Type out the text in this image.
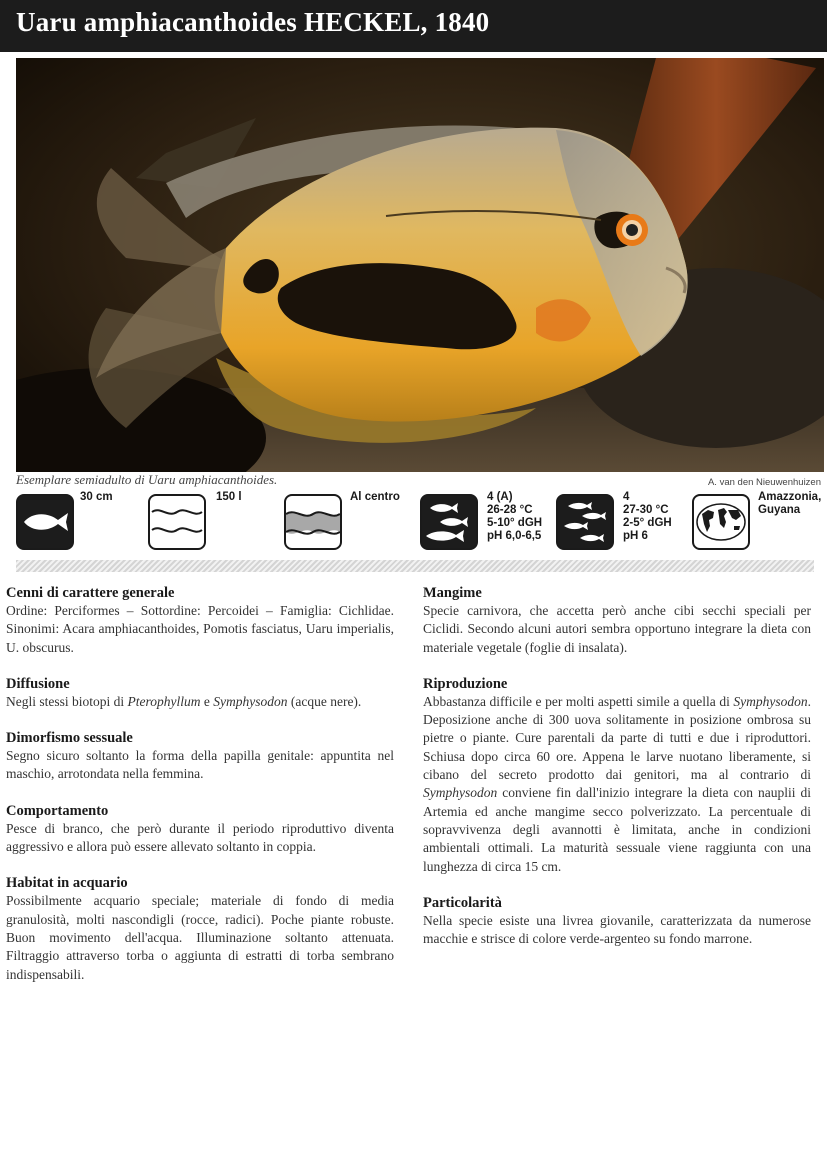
Uaru amphiacanthoides HECKEL, 1840
Esemplare semiadulto di Uaru amphiacanthoides.	A. van den Nieuwenhuizen
30 cm	150 l	Al centro	4 (A)
26-28 °C
5-10° dGH
pH 6,0-6,5
4
27-30 °C
2-5° dGH
pH 6
Amazzonia,
Guyana
Cenni di carattere generale

Ordine: Perciformes – Sottordine: Percoidei – Famiglia: Cichlidae. Sinonimi: Acara amphiacanthoides, Pomotis fasciatus, Uaru imperialis, U. obscurus.

Diffusione

Negli stessi biotopi di Pterophyllum e Symphysodon (acque nere).

Dimorfismo sessuale

Segno sicuro soltanto la forma della papilla genitale: appuntita nel maschio, arrotondata nella femmina.

Comportamento

Pesce di branco, che però durante il periodo riproduttivo diventa aggressivo e allora può essere allevato soltanto in coppia.

Habitat in acquario

Possibilmente acquario speciale; materiale di fondo di media granulosità, molti nascondigli (rocce, radici). Poche piante robuste. Buon movimento dell'acqua. Illuminazione soltanto attenuata. Filtraggio attraverso torba o aggiunta di estratti di torba sembrano indispensabili.

Mangime

Specie carnivora, che accetta però anche cibi secchi speciali per Ciclidi. Secondo alcuni autori sembra opportuno integrare la dieta con materiale vegetale (foglie di insalata).

Riproduzione

Abbastanza difficile e per molti aspetti simile a quella di Symphysodon. Deposizione anche di 300 uova solitamente in posizione ombrosa su pietre o piante. Cure parentali da parte di tutti e due i riproduttori. Schiusa dopo circa 60 ore. Appena le larve nuotano liberamente, si cibano del secreto prodotto dai genitori, ma al contrario di Symphysodon conviene fin dall'inizio integrare la dieta con nauplii di Artemia ed anche mangime secco polverizzato. La percentuale di sopravvivenza degli avannotti è limitata, anche in condizioni ambientali ottimali. La maturità sessuale viene raggiunta con una lunghezza di circa 15 cm.

Particolarità

Nella specie esiste una livrea giovanile, caratterizzata da numerose macchie e strisce di colore verde-argenteo su fondo marrone.
